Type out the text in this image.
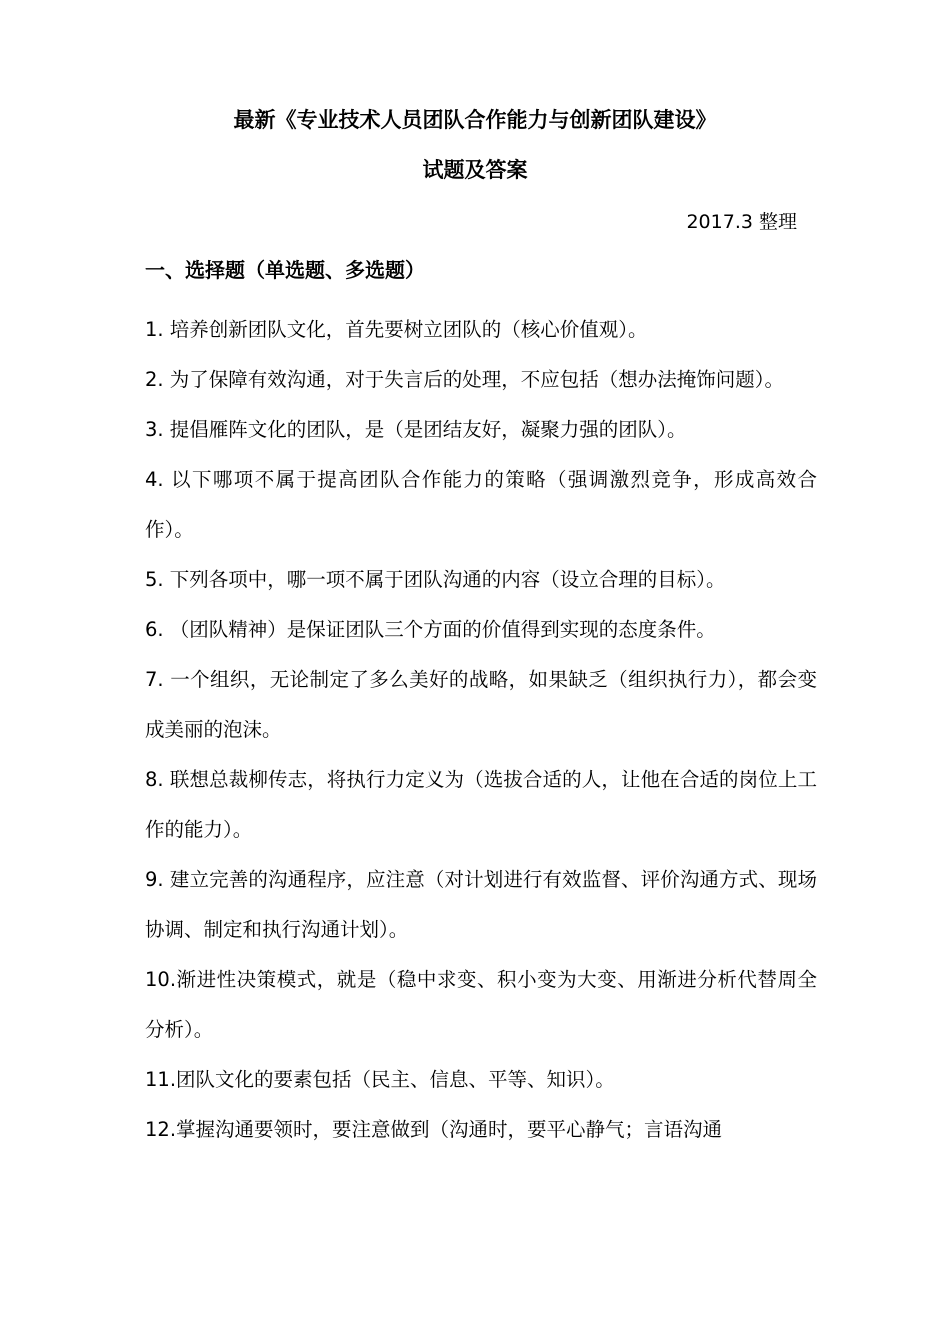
最新《专业技术人员团队合作能力与创新团队建设》
试题及答案
2017.3 整理
一、选择题（单选题、多选题）
1. 培养创新团队文化，首先要树立团队的（核心价值观）。
2. 为了保障有效沟通，对于失言后的处理，不应包括（想办法掩饰问题）。
3. 提倡雁阵文化的团队，是（是团结友好，凝聚力强的团队）。
4. 以下哪项不属于提高团队合作能力的策略（强调激烈竞争，形成高效合作）。
5. 下列各项中，哪一项不属于团队沟通的内容（设立合理的目标）。
6. （团队精神）是保证团队三个方面的价值得到实现的态度条件。
7. 一个组织，无论制定了多么美好的战略，如果缺乏（组织执行力），都会变成美丽的泡沫。
8. 联想总裁柳传志，将执行力定义为（选拔合适的人，让他在合适的岗位上工作的能力）。
9. 建立完善的沟通程序，应注意（对计划进行有效监督、评价沟通方式、现场协调、制定和执行沟通计划）。
10.渐进性决策模式，就是（稳中求变、积小变为大变、用渐进分析代替周全分析）。
11.团队文化的要素包括（民主、信息、平等、知识）。
12.掌握沟通要领时，要注意做到（沟通时，要平心静气；言语沟通
